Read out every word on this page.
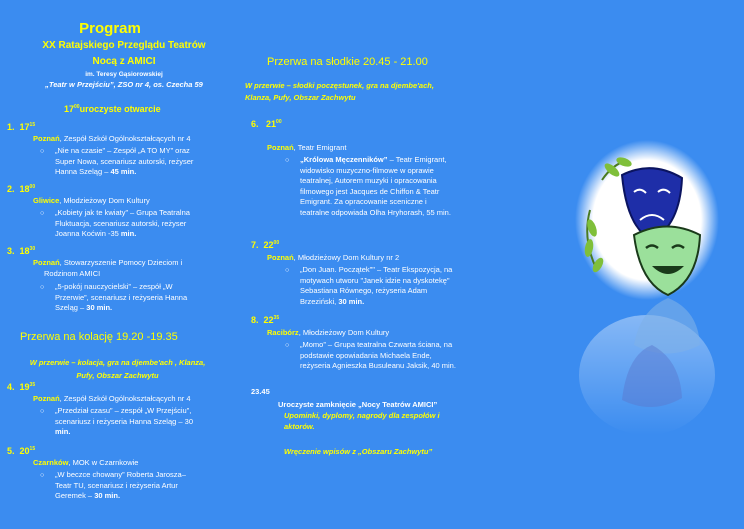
Program
XX Ratajskiego Przeglądu Teatrów
Nocą z AMICI
im. Teresy Gąsiorowskiej
„Teatr w Przejściu”, ZSO nr 4, os. Czecha 59
$17^{00}uroczyste$ otwarcie
1. $17^{15}$
Poznań, Zespół Szkół Ogólnokształcących nr 4
○ „Nie na czasie” – Zespół „A TO MY” oraz
Super Nowa, scenariusz autorski, reżyser
Hanna Szeląg – 45 min.
2. $18^{00}$
Gliwice, Młodzieżowy Dom Kultury
○ „Kobiety jak te kwiaty” – Grupa Teatralna
Fluktuacja, scenariusz autorski, reżyser
Joanna Koćwin -35 min.
3. $18^{30}$
Poznań, Stowarzyszenie Pomocy Dzieciom i
Rodzinom AMICI
○ „5-pokój nauczycielski” – zespół „W
Przerwie”, scenariusz i reżyseria Hanna
Szeląg – 30 min.
Przerwa na kolację 19.20 -19.35
W przerwie – kolacja, gra na djembe'ach , Klanza,
Pufy, Obszar Zachwytu
4. $19^{35}$
Poznań, Zespół Szkół Ogólnokształcących nr 4
○ „Przedział czasu” – zespół „W Przejściu”,
scenariusz i reżyseria Hanna Szeląg – 30
min.
5. $20^{15}$
Czarnków, MOK w Czarnkowie
○ „W beczce chowany” Roberta Jarosza–
Teatr TU, scenariusz i reżyseria Artur
Geremek – 30 min.
Przerwa na słodkie 20.45 - 21.00
W przerwie – słodki poczęstunek, gra na djembe'ach,
Klanza, Pufy, Obszar Zachwytu
6. $21^{00}$
Poznań, Teatr Emigrant
○ „Królowa Męczenników” – Teatr Emigrant,
widowisko muzyczno-filmowe w oprawie
teatralnej, Autorem muzyki i opracowania
filmowego jest Jacques de Chiffon & Teatr
Emigrant. Za opracowanie sceniczne i
teatralne odpowiada Olha Hryhorash, 55 min.
7. $22^{00}$
Poznań, Młodzieżowy Dom Kultury nr 2
○ „Don Juan. Początek"" – Teatr Ekspozycja, na
motywach utworu "Janek idzie na dyskotekę"
Sebastiana Równego, reżyseria Adam
Brzeziński, 30 min.
8. $22^{35}$
Racibórz, Młodzieżowy Dom Kultury
○ „Momo” – Grupa teatralna Czwarta ściana, na
podstawie opowiadania Michaela Ende,
reżyseria Agnieszka Busuleanu Jaksik, 40 min.
23.45
Uroczyste zamknięcie „Nocy Teatrów AMICI”
Upominki, dyplomy, nagrody dla zespołów i
aktorów.
Wręczenie wpisów z „Obszaru Zachwytu”
